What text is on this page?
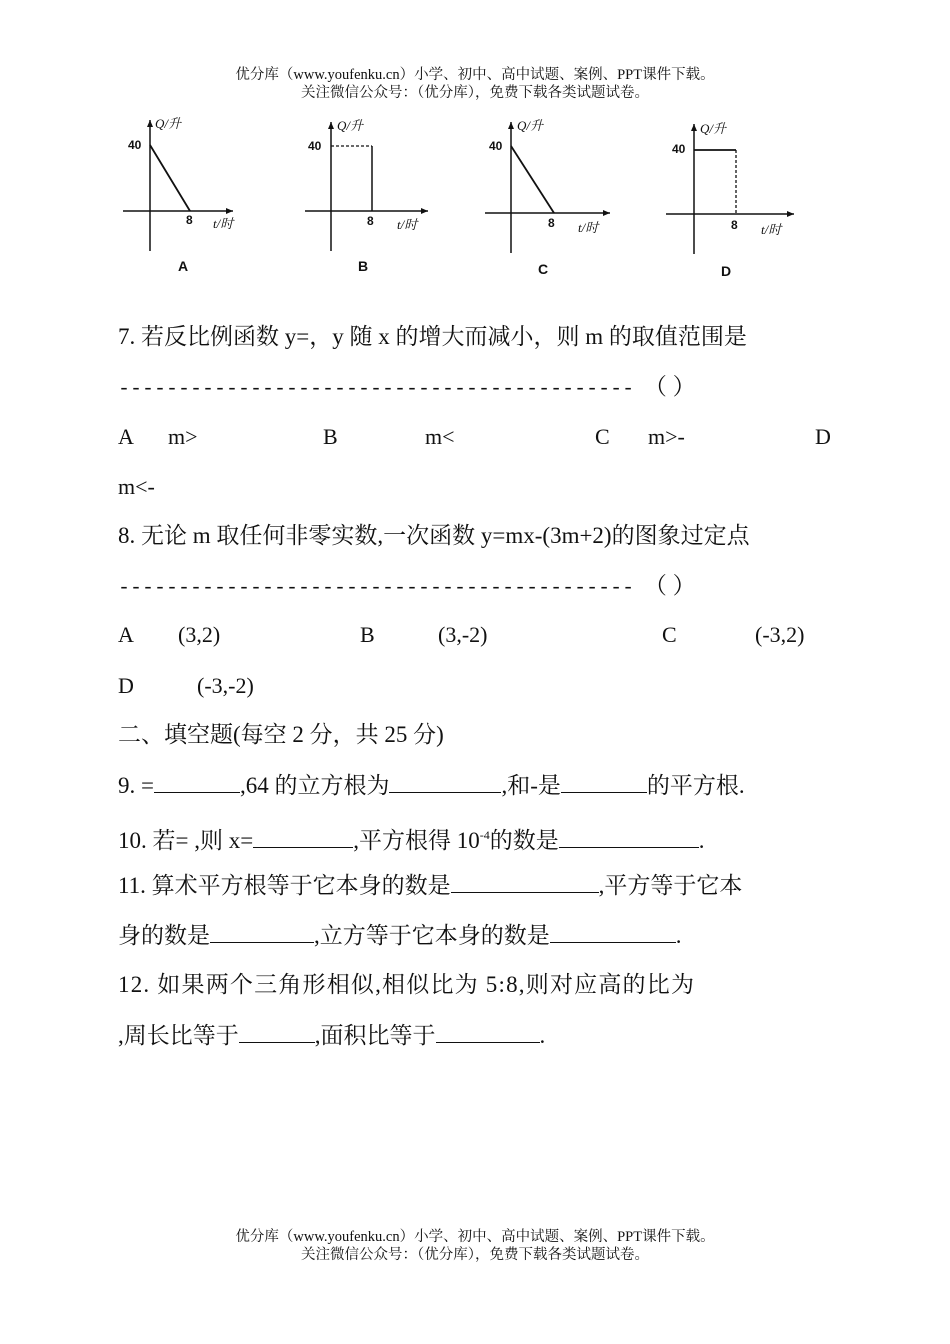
优分库（www.youfenku.cn）小学、初中、高中试题、案例、PPT课件下载。
关注微信公众号：（优分库），免费下载各类试题试卷。
Q/升
40
8 t/时
A
Q/升
40
8 t/时
B
Q/升
40
8 t/时
C
Q/升
40
8 t/时
D
7. 若反比例函数 y=，y 随 x 的增大而减小，则 m 的取值范围是
------------------------------------------- （ ）
A m>	B	m<	C m>-	D
m<-
8. 无论 m 取任何非零实数,一次函数 y=mx-(3m+2)的图象过定点
------------------------------------------- （ ）
A (3,2)	B	(3,-2)	C	(-3,2)
D	(-3,-2)
二、填空题(每空 2 分，共 25 分)
9. =	,64 的立方根为	,和-是	的平方根.
10. 若= ,则 x=	,平方根得 $10^{-4}$的数是	.
11. 算术平方根等于它本身的数是	,平方等于它本
身的数是	,立方等于它本身的数是	.
12. 如果两个三角形相似,相似比为 5:8,则对应高的比为
,周长比等于	,面积比等于	.
优分库（www.youfenku.cn）小学、初中、高中试题、案例、PPT课件下载。
关注微信公众号：（优分库），免费下载各类试题试卷。
